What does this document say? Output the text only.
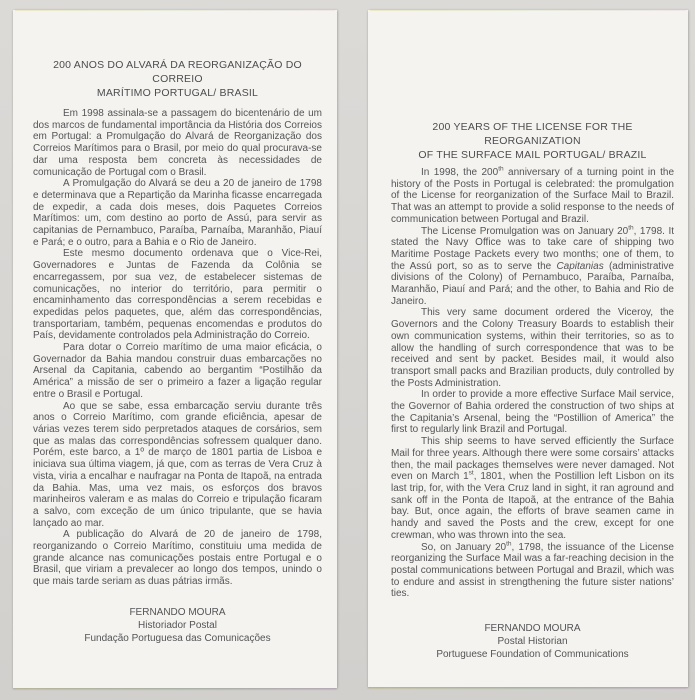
200 ANOS DO ALVARÁ DA REORGANIZAÇÃO DO CORREIO
MARÍTIMO PORTUGAL/ BRASIL

Em 1998 assinala-se a passagem do bicentenário de um dos marcos de fundamental importância da História dos Correios em Portugal: a Promulgação do Alvará de Reorganização dos Correios Marítimos para o Brasil, por meio do qual procurava-se dar uma resposta bem concreta às necessidades de comunicação de Portugal com o Brasil.

A Promulgação do Alvará se deu a 20 de janeiro de 1798 e determinava que a Repartição da Marinha ficasse encarregada de expedir, a cada dois meses, dois Paquetes Correios Marítimos: um, com destino ao porto de Assú, para servir as capitanias de Pernambuco, Paraíba, Parnaíba, Maranhão, Piauí e Pará; e o outro, para a Bahia e o Rio de Janeiro.

Este mesmo documento ordenava que o Vice-Rei, Governadores e Juntas de Fazenda da Colônia se encarregassem, por sua vez, de estabelecer sistemas de comunicações, no interior do território, para permitir o encaminhamento das correspondências a serem recebidas e expedidas pelos paquetes, que, além das correspondências, transportariam, também, pequenas encomendas e produtos do País, devidamente controlados pela Administração do Correio.

Para dotar o Correio marítimo de uma maior eficácia, o Governador da Bahia mandou construir duas embarcações no Arsenal da Capitania, cabendo ao bergantim “Postilhão da América” a missão de ser o primeiro a fazer a ligação regular entre o Brasil e Portugal.

Ao que se sabe, essa embarcação serviu durante três anos o Correio Marítimo, com grande eficiência, apesar de várias vezes terem sido perpretados ataques de corsários, sem que as malas das correspondências sofressem qualquer dano. Porém, este barco, a 1º de março de 1801 partia de Lisboa e iniciava sua última viagem, já que, com as terras de Vera Cruz à vista, viria a encalhar e naufragar na Ponta de Itapoã, na entrada da Bahia. Mas, uma vez mais, os esforços dos bravos marinheiros valeram e as malas do Correio e tripulação ficaram a salvo, com exceção de um único tripulante, que se havia lançado ao mar.

A publicação do Alvará de 20 de janeiro de 1798, reorganizando o Correio Marítimo, constituiu uma medida de grande alcance nas comunicações postais entre Portugal e o Brasil, que viriam a prevalecer ao longo dos tempos, unindo o que mais tarde seriam as duas pátrias irmãs.

FERNANDO MOURA
Historiador Postal
Fundação Portuguesa das Comunicações
200 YEARS OF THE LICENSE FOR THE REORGANIZATION
OF THE SURFACE MAIL PORTUGAL/ BRAZIL

In 1998, the 200th anniversary of a turning point in the history of the Posts in Portugal is celebrated: the promulgation of the License for reorganization of the Surface Mail to Brazil. That was an attempt to provide a solid response to the needs of communication between Portugal and Brazil.

The License Promulgation was on January 20th, 1798. It stated the Navy Office was to take care of shipping two Maritime Postage Packets every two months; one of them, to the Assú port, so as to serve the Capitanias (administrative divisions of the Colony) of Pernambuco, Paraíba, Parnaíba, Maranhão, Piauí and Pará; and the other, to Bahia and Rio de Janeiro.

This very same document ordered the Viceroy, the Governors and the Colony Treasury Boards to establish their own communication systems, within their territories, so as to allow the handling of surch correspondence that was to be received and sent by packet. Besides mail, it would also transport small packs and Brazilian products, duly controlled by the Posts Administration.

In order to provide a more effective Surface Mail service, the Governor of Bahia ordered the construction of two ships at the Capitania’s Arsenal, being the “Postillion of America” the first to regularly link Brazil and Portugal.

This ship seems to have served efficiently the Surface Mail for three years. Although there were some corsairs’ attacks then, the mail packages themselves were never damaged. Not even on March 1st, 1801, when the Postillion left Lisbon on its last trip, for, with the Vera Cruz land in sight, it ran aground and sank off in the Ponta de Itapoã, at the entrance of the Bahia bay. But, once again, the efforts of brave seamen came in handy and saved the Posts and the crew, except for one crewman, who was thrown into the sea.

So, on January 20th, 1798, the issuance of the License reorganizing the Surface Mail was a far-reaching decision in the postal communications between Portugal and Brazil, which was to endure and assist in strengthening the future sister nations’ ties.

FERNANDO MOURA
Postal Historian
Portuguese Foundation of Communications
